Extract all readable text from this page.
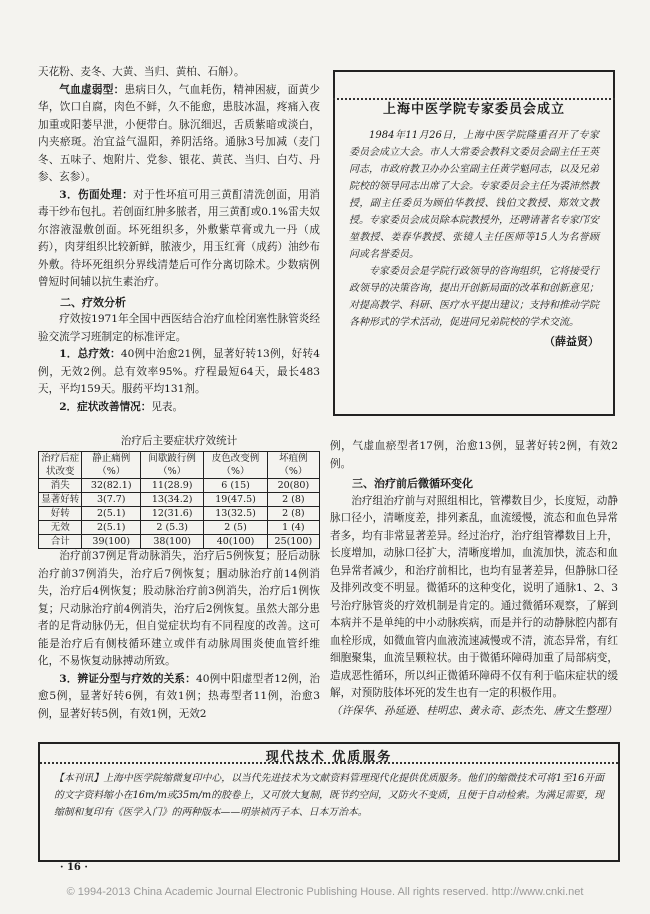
天花粉、麦冬、大黄、当归、黄柏、石斛）。

气血虚弱型：患病日久，气血耗伤，精神困疲，面黄少华，饮口自腐，肉色不鲜，久不能愈，患肢冰温，疼痛入夜加重或阳萎早泄，小便带白。脉沉细迟，舌质紫暗或淡白，内夹瘀斑。治宜益气温阳，养阴活络。通脉3号加减（麦门冬、五味子、炮附片、党参、银花、黄芪、当归、白芍、丹参、玄参）。

3．伤面处理：对于性坏疽可用三黄酊清洗创面，用消毒干纱布包扎。若创面红肿多脓者，用三黄酊或0.1%雷夫奴尔溶液湿敷创面。坏死组织多，外敷紫草膏或九一丹（成药），肉芽组织比较新鲜，脓液少，用玉红膏（成药）油纱布外敷。待坏死组织分界线清楚后可作分离切除术。少数病例曾短时间辅以抗生素治疗。

二、疗效分析

疗效按1971年全国中西医结合治疗血栓闭塞性脉管炎经验交流学习班制定的标准评定。

1．总疗效：40例中治愈21例，显著好转13例，好转4例，无效2例。总有效率95%。疗程最短64天，最长483天，平均159天。服药平均131剂。

2．症状改善情况：见表。

上海中医学院专家委员会成立

1984年11月26日，上海中医学院隆重召开了专家委员会成立大会。市人大常委会教科文委员会副主任王英同志，市政府教卫办办公室副主任黄学魁同志，以及兄弟院校的领导同志出席了大会。专家委员会主任为裘沛然教授，副主任委员为顾伯华教授、钱伯文教授、郑效文教授。专家委员会成员除本院教授外，还聘请著名专家邝安堃教授、姜春华教授、张镜人主任医师等15人为名誉顾问或名誉委员。

专家委员会是学院行政领导的咨询组织，它将接受行政领导的决策咨询，提出开创新局面的改革和创新意见；对提高教学、科研、医疗水平提出建议；支持和推动学院各种形式的学术活动，促进同兄弟院校的学术交流。

（薛益贤）
治疗后主要症状疗效统计
治疗后症状改变	静止痛例（%）	间歇跛行例（%）	皮色改变例（%）	坏疽例（%）
消失	32(82.1)	11(28.9)	6 (15)	20(80)
显著好转	3(7.7)	13(34.2)	19(47.5)	2 (8)
好转	2(5.1)	12(31.6)	13(32.5)	2 (8)
无效	2(5.1)	2 (5.3)	2 (5)	1 (4)
合计	39(100)	38(100)	40(100)	25(100)

治疗前37例足背动脉消失，治疗后5例恢复；胫后动脉治疗前37例消失，治疗后7例恢复；腘动脉治疗前14例消失，治疗后4例恢复；股动脉治疗前3例消失，治疗后1例恢复；尺动脉治疗前4例消失，治疗后2例恢复。虽然大部分患者的足背动脉仍无，但自觉症状均有不同程度的改善。这可能是治疗后有侧枝循环建立或伴有动脉周围炎使血管纤维化，不易恢复动脉搏动所致。

3．辨证分型与疗效的关系：40例中阳虚型者12例，治愈5例，显著好转6例，有效1例；热毒型者11例，治愈3例，显著好转5例，有效1例，无效2

例，气虚血瘀型者17例，治愈13例，显著好转2例，有效2例。

三、治疗前后微循环变化

治疗组治疗前与对照组相比，管襻数目少，长度短，动静脉口径小，清晰度差，排列紊乱，血流缓慢，流态和血色异常者多，均有非常显著差异。经过治疗，治疗组管襻数目上升，长度增加，动脉口径扩大，清晰度增加，血流加快，流态和血色异常者减少，和治疗前相比，也均有显著差异，但静脉口径及排列改变不明显。微循环的这种变化，说明了通脉1、2、3号治疗脉管炎的疗效机制是肯定的。通过微循环观察，了解到本病并不是单纯的中小动脉疾病，而是并行的动静脉腔内都有血栓形成，如微血管内血液流速减慢或不清，流态异常，有红细胞聚集，血流呈颗粒状。由于微循环障碍加重了局部病变，造成恶性循环，所以纠正微循环障碍不仅有利于临床症状的缓解，对预防肢体坏死的发生也有一定的积极作用。

（许保华、孙延逊、桂明忠、黄永奇、彭杰先、唐文生整理）

现代技术 优质服务
【本刊讯】上海中医学院缩微复印中心，以当代先进技术为文献资料管理现代化提供优质服务。他们的缩微技术可将1至16开面的文字资料缩小在16m/m或35m/m的胶卷上，又可放大复制，既节约空间，又防火不变质，且便于自动检索。为满足需要，现缩制和复印有《医学入门》的两种版本——明崇祯丙子本、日本万治本。
· 16 ·
© 1994-2013 China Academic Journal Electronic Publishing House. All rights reserved. http://www.cnki.net
